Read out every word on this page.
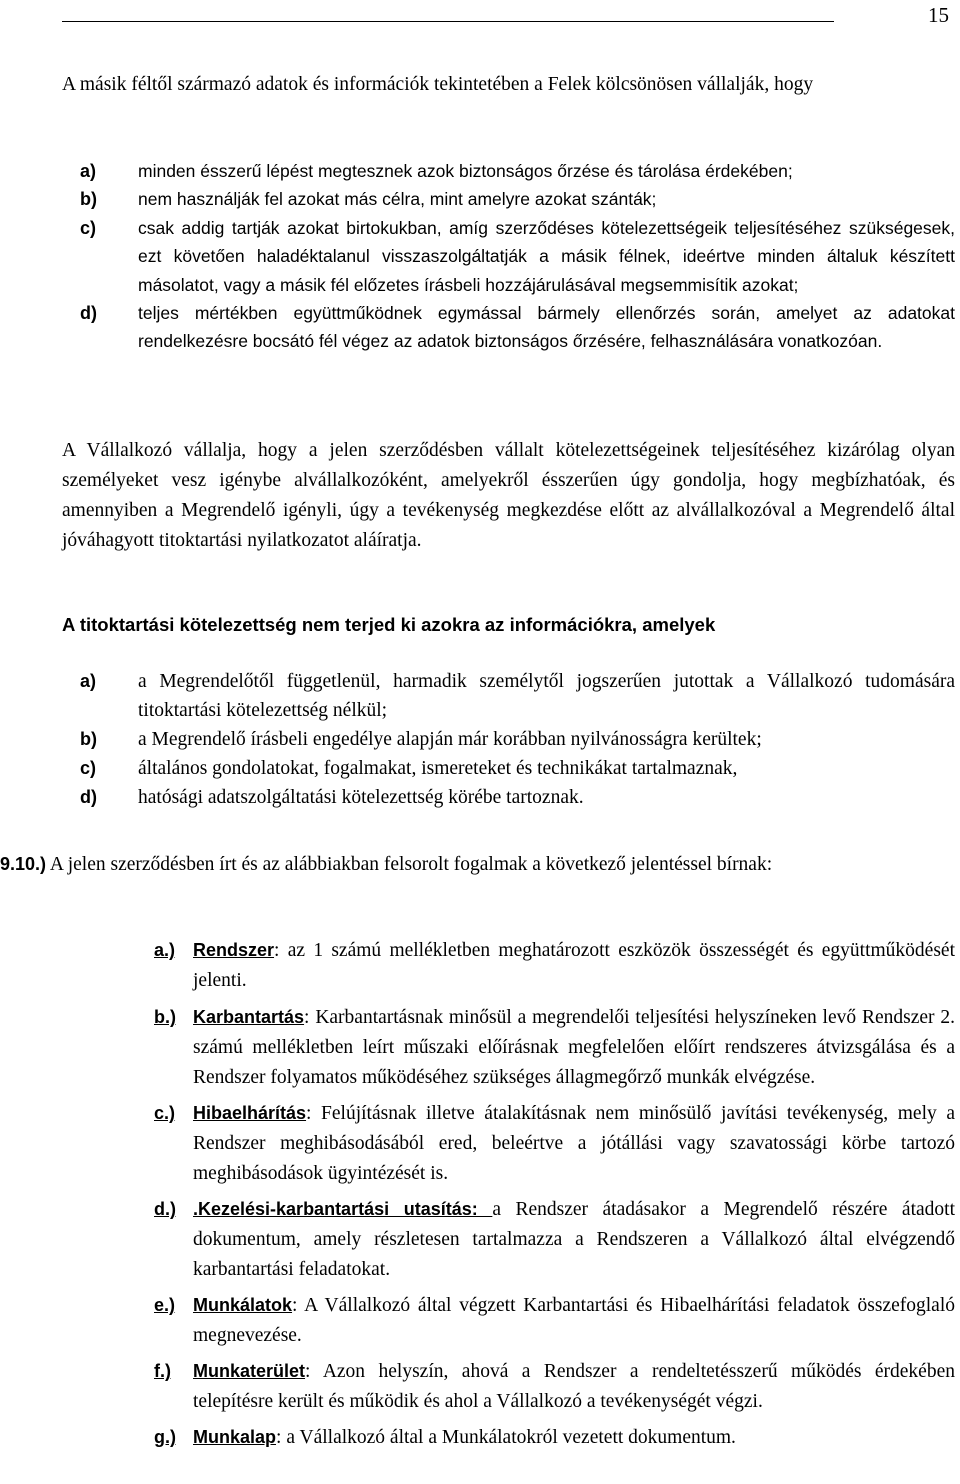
15
A másik féltől származó adatok és információk tekintetében a Felek kölcsönösen vállalják, hogy
a) minden ésszerű lépést megtesznek azok biztonságos őrzése és tárolása érdekében;
b) nem használják fel azokat más célra, mint amelyre azokat szánták;
c) csak addig tartják azokat birtokukban, amíg szerződéses kötelezettségeik teljesítéséhez szükségesek, ezt követően haladéktalanul visszaszolgáltatják a másik félnek, ideértve minden általuk készített másolatot, vagy a másik fél előzetes írásbeli hozzájárulásával megsemmisítik azokat;
d) teljes mértékben együttműködnek egymással bármely ellenőrzés során, amelyet az adatokat rendelkezésre bocsátó fél végez az adatok biztonságos őrzésére, felhasználására vonatkozóan.
A Vállalkozó vállalja, hogy a jelen szerződésben vállalt kötelezettségeinek teljesítéséhez kizárólag olyan személyeket vesz igénybe alvállalkozóként, amelyekről ésszerűen úgy gondolja, hogy megbízhatóak, és amennyiben a Megrendelő igényli, úgy a tevékenység megkezdése előtt az alvállalkozóval a Megrendelő által jóváhagyott titoktartási nyilatkozatot aláíratja.
A titoktartási kötelezettség nem terjed ki azokra az információkra, amelyek
a) a Megrendelőtől függetlenül, harmadik személytől jogszerűen jutottak a Vállalkozó tudomására titoktartási kötelezettség nélkül;
b) a Megrendelő írásbeli engedélye alapján már korábban nyilvánosságra kerültek;
c) általános gondolatokat, fogalmakat, ismereteket és technikákat tartalmaznak,
d) hatósági adatszolgáltatási kötelezettség körébe tartoznak.
9.10.) A jelen szerződésben írt és az alábbiakban felsorolt fogalmak a következő jelentéssel bírnak:
a.) Rendszer: az 1 számú mellékletben meghatározott eszközök összességét és együttműködését jelenti.
b.) Karbantartás: Karbantartásnak minősül a megrendelői teljesítési helyszíneken levő Rendszer 2. számú mellékletben leírt műszaki előírásnak megfelelően előírt rendszeres átvizsgálása és a Rendszer folyamatos működéséhez szükséges állagmegőrző munkák elvégzése.
c.) Hibaelhárítás: Felújításnak illetve átalakításnak nem minősülő javítási tevékenység, mely a Rendszer meghibásodásából ered, beleértve a jótállási vagy szavatossági körbe tartozó meghibásodások ügyintézését is.
d.) .Kezelési-karbantartási utasítás: a Rendszer átadásakor a Megrendelő részére átadott dokumentum, amely részletesen tartalmazza a Rendszeren a Vállalkozó által elvégzendő karbantartási feladatokat.
e.) Munkálatok: A Vállalkozó által végzett Karbantartási és Hibaelhárítási feladatok összefoglaló megnevezése.
f.) Munkaterület: Azon helyszín, ahová a Rendszer a rendeltetésszerű működés érdekében telepítésre került és működik és ahol a Vállalkozó a tevékenységét végzi.
g.) Munkalap: a Vállalkozó által a Munkálatokról vezetett dokumentum.
